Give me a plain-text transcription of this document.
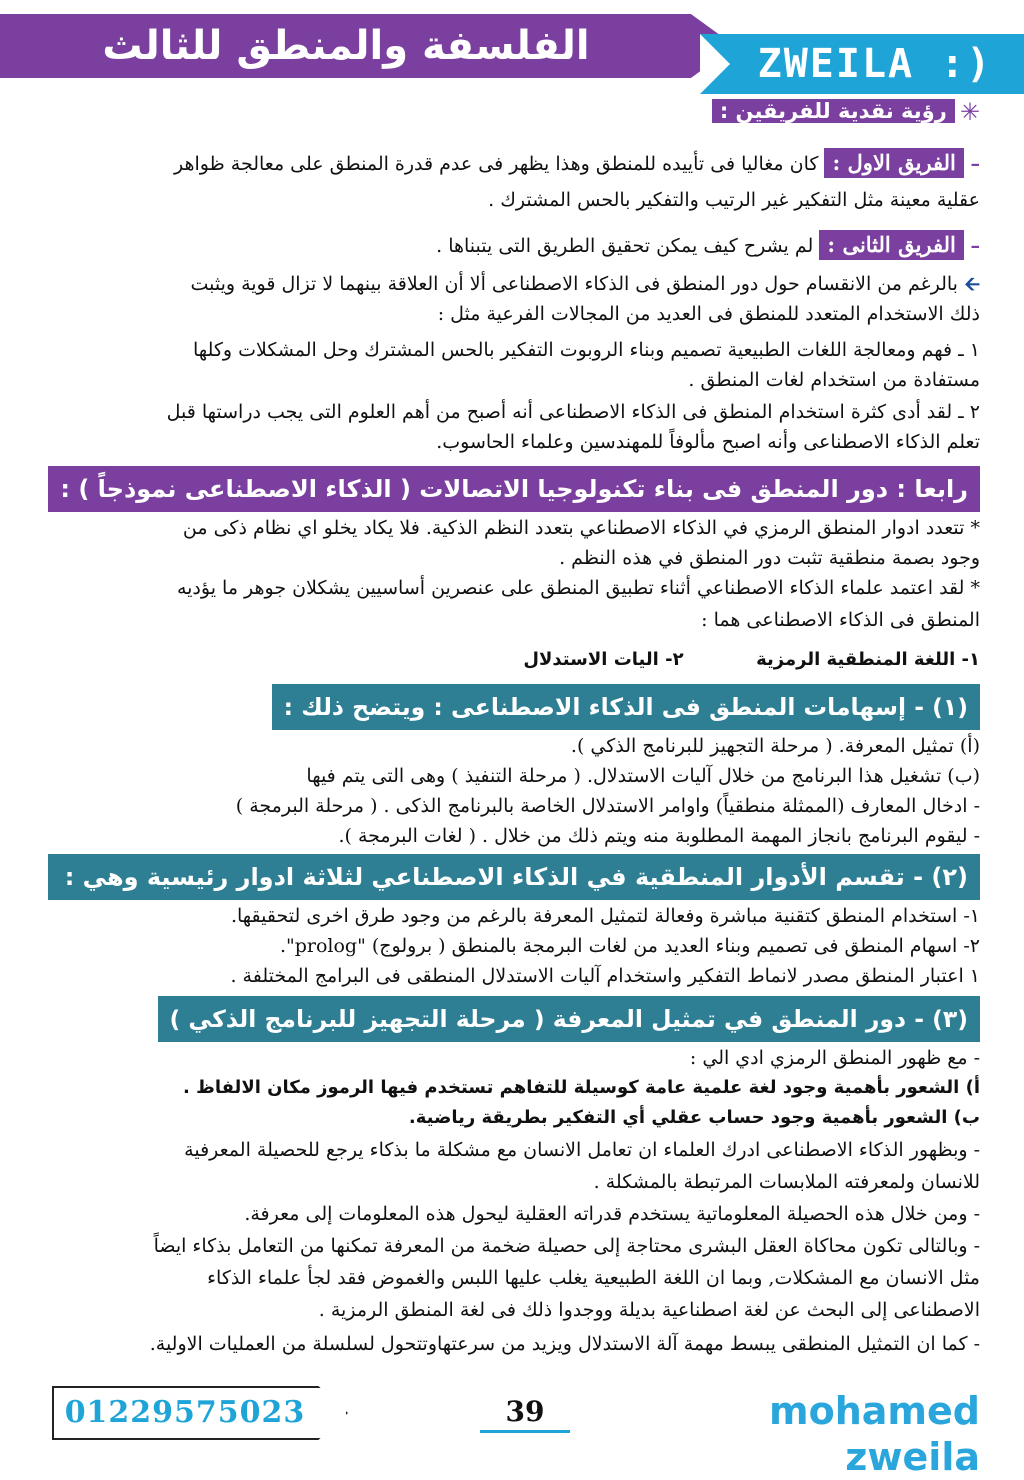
الفلسفة والمنطق للثالث الثانوى
ZWEILA :)
✳ رؤية نقدية للفريقين :
– الفريق الاول : كان مغاليا فى تأييده للمنطق وهذا يظهر فى عدم قدرة المنطق على معالجة ظواهر
عقلية معينة مثل التفكير غير الرتيب والتفكير بالحس المشترك .
– الفريق الثانى : لم يشرح كيف يمكن تحقيق الطريق التى يتبناها .
🡨 بالرغم من الانقسام حول دور المنطق فى الذكاء الاصطناعى ألا أن العلاقة بينهما لا تزال قوية ويثبت
ذلك الاستخدام المتعدد للمنطق فى العديد من المجالات الفرعية مثل :
١ ـ فهم ومعالجة اللغات الطبيعية تصميم وبناء الروبوت التفكير بالحس المشترك وحل المشكلات وكلها
مستفادة من استخدام لغات المنطق .
٢ ـ لقد أدى كثرة استخدام المنطق فى الذكاء الاصطناعى أنه أصبح من أهم العلوم التى يجب دراستها قبل
تعلم الذكاء الاصطناعى وأنه اصبح مألوفاً للمهندسين وعلماء الحاسوب.
رابعا : دور المنطق فى بناء تكنولوجيا الاتصالات ( الذكاء الاصطناعى نموذجاً ) :
* تتعدد ادوار المنطق الرمزي في الذكاء الاصطناعي بتعدد النظم الذكية. فلا يكاد يخلو اي نظام ذكى من
وجود بصمة منطقية تثبت دور المنطق في هذه النظم .
* لقد اعتمد علماء الذكاء الاصطناعي أثناء تطبيق المنطق على عنصرين أساسيين يشكلان جوهر ما يؤديه
المنطق فى الذكاء الاصطناعى هما :
١- اللغة المنطقية الرمزية  ٢- اليات الاستدلال
(١) - إسهامات المنطق فى الذكاء الاصطناعى : ويتضح ذلك :
(أ) تمثيل المعرفة. ( مرحلة التجهيز للبرنامج الذكي ).
(ب) تشغيل هذا البرنامج من خلال آليات الاستدلال. ( مرحلة التنفيذ ) وهى التى يتم فيها
- ادخال المعارف (الممثلة منطقياً) واوامر الاستدلال الخاصة بالبرنامج الذكى . ( مرحلة البرمجة )
- ليقوم البرنامج بانجاز المهمة المطلوبة منه ويتم ذلك من خلال . ( لغات البرمجة ).
(٢) - تقسم الأدوار المنطقية في الذكاء الاصطناعي لثلاثة ادوار رئيسية وهي :
١- استخدام المنطق كتقنية مباشرة وفعالة لتمثيل المعرفة بالرغم من وجود طرق اخرى لتحقيقها.
٢- اسهام المنطق فى تصميم وبناء العديد من لغات البرمجة بالمنطق ( برولوج) "prolog".
١ اعتبار المنطق مصدر لانماط التفكير واستخدام آليات الاستدلال المنطقى فى البرامج المختلفة .
(٣) - دور المنطق في تمثيل المعرفة ( مرحلة التجهيز للبرنامج الذكي )
- مع ظهور المنطق الرمزي ادي الي :
أ) الشعور بأهمية وجود لغة علمية عامة كوسيلة للتفاهم تستخدم فيها الرموز مكان الالفاظ .
ب) الشعور بأهمية وجود حساب عقلي أي التفكير بطريقة رياضية.
- وبظهور الذكاء الاصطناعى ادرك العلماء ان تعامل الانسان مع مشكلة ما بذكاء يرجع للحصيلة المعرفية
للانسان ولمعرفته الملابسات المرتبطة بالمشكلة .
- ومن خلال هذه الحصيلة المعلوماتية يستخدم قدراته العقلية ليحول هذه المعلومات إلى معرفة.
- وبالتالى تكون محاكاة العقل البشرى محتاجة إلى حصيلة ضخمة من المعرفة تمكنها من التعامل بذكاء ايضاً
مثل الانسان مع المشكلات, وبما ان اللغة الطبيعية يغلب عليها اللبس والغموض فقد لجأ علماء الذكاء
الاصطناعى إلى البحث عن لغة اصطناعية بديلة ووجدوا ذلك فى لغة المنطق الرمزية .
- كما ان التمثيل المنطقى يبسط مهمة آلة الاستدلال ويزيد من سرعتهاوتتحول لسلسلة من العمليات الاولية.
01229575023	39	mohamed zweila
